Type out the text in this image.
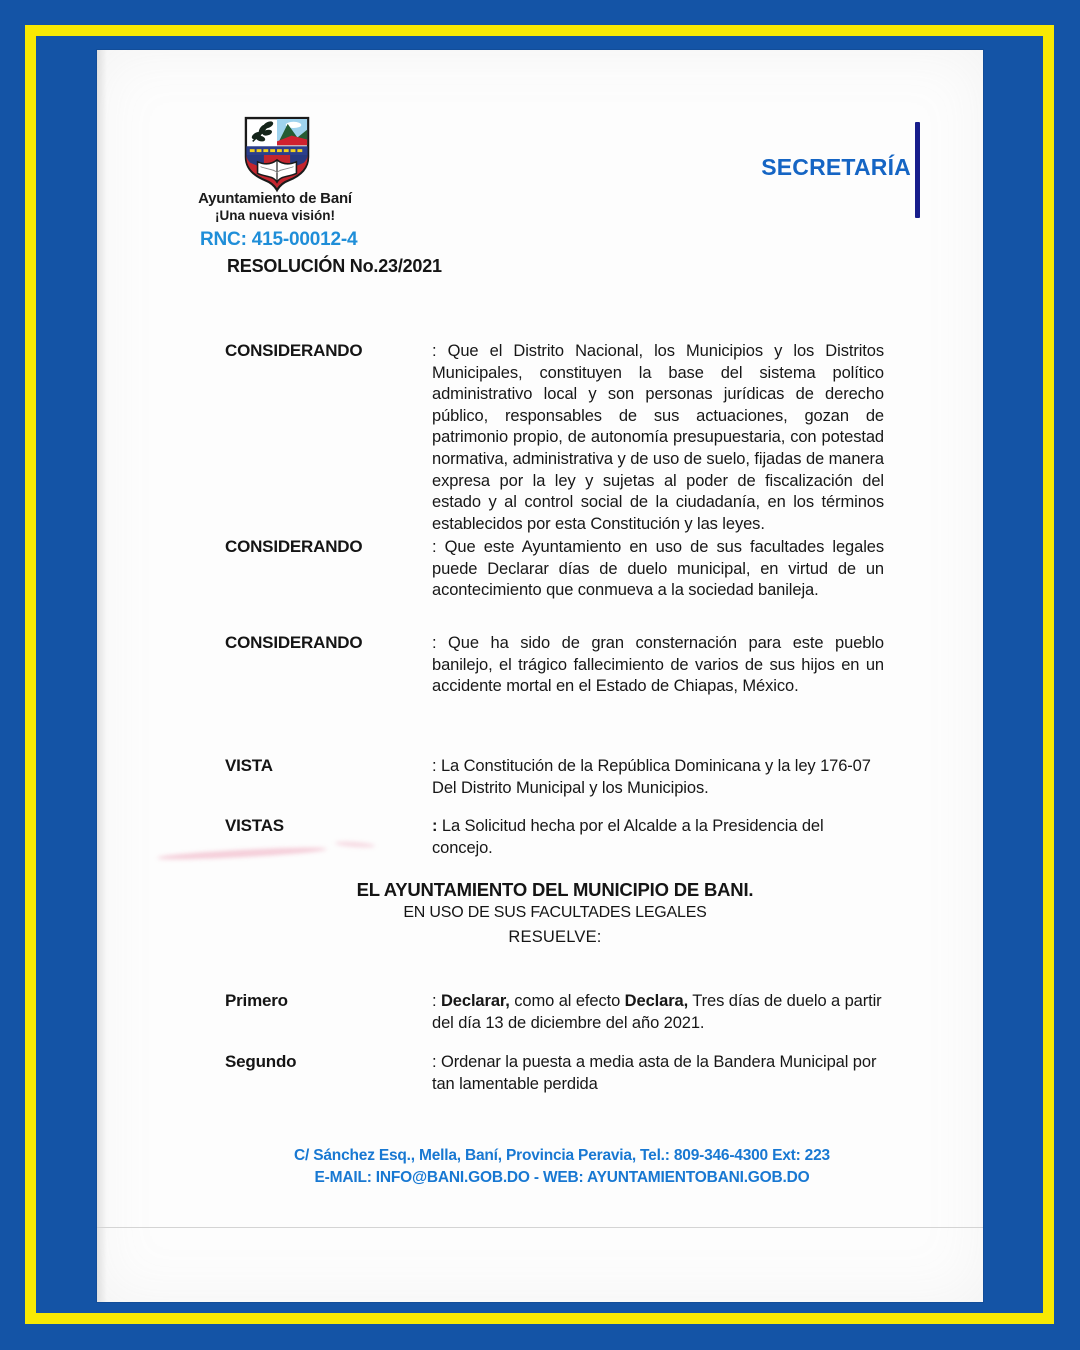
Ayuntamiento de Baní
¡Una nueva visión!
SECRETARÍA
RNC: 415-00012-4
RESOLUCIÓN No.23/2021
CONSIDERANDO	: Que el Distrito Nacional, los Municipios y los Distritos Municipales, constituyen la base del sistema político administrativo local y son personas jurídicas de derecho público, responsables de sus actuaciones, gozan de patrimonio propio, de autonomía presupuestaria, con potestad normativa, administrativa y de uso de suelo, fijadas de manera expresa por la ley y sujetas al poder de fiscalización del estado y al control social de la ciudadanía, en los términos establecidos por esta Constitución y las leyes.
CONSIDERANDO	: Que este Ayuntamiento en uso de sus facultades legales puede Declarar días de duelo municipal, en virtud de un acontecimiento que conmueva a la sociedad banileja.
CONSIDERANDO	: Que ha sido de gran consternación para este pueblo banilejo, el trágico fallecimiento de varios de sus hijos en un accidente mortal en el Estado de Chiapas, México.
VISTA	: La Constitución de la República Dominicana y la ley 176-07 Del Distrito Municipal y los Municipios.
VISTAS	: La Solicitud hecha por el Alcalde a la Presidencia del concejo.
EL AYUNTAMIENTO DEL MUNICIPIO DE BANI.
EN USO DE SUS FACULTADES LEGALES
RESUELVE:
Primero	: Declarar, como al efecto Declara, Tres días de duelo a partir del día 13 de diciembre del año 2021.
Segundo	: Ordenar la puesta a media asta de la Bandera Municipal por tan lamentable perdida
C/ Sánchez Esq., Mella, Baní, Provincia Peravia, Tel.: 809-346-4300 Ext: 223
E-MAIL: INFO@BANI.GOB.DO - WEB: AYUNTAMIENTOBANI.GOB.DO
